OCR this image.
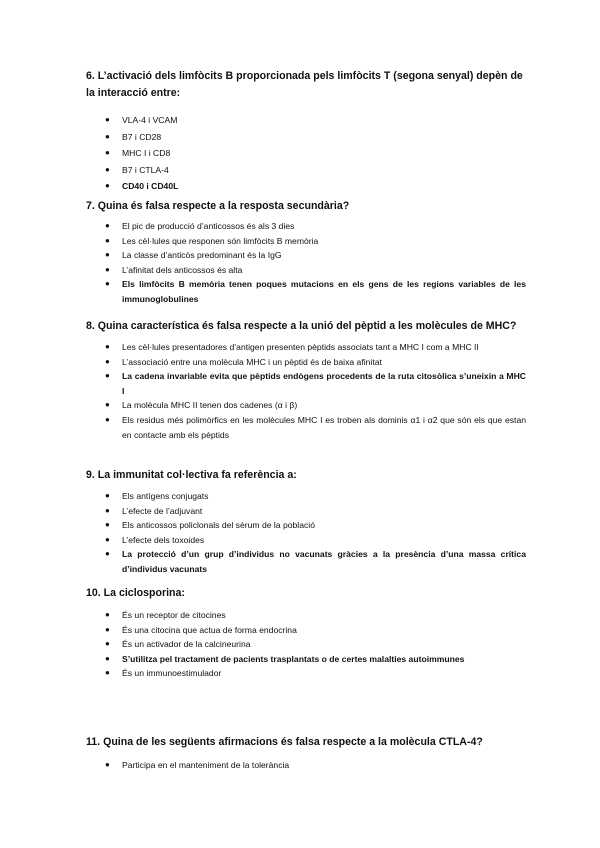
6. L’activació dels limfòcits B proporcionada pels limfòcits T (segona senyal) depèn de la interacció entre:

● VLA-4 i VCAM
● B7 i CD28
● MHC I i CD8
● B7 i CTLA-4
● CD40 i CD40L

7. Quina és falsa respecte a la resposta secundària?

● El pic de producció d’anticossos és als 3 dies
● Les cèl·lules que responen són limfòcits B memòria
● La classe d’anticòs predominant és la IgG
● L’afinitat dels anticossos és alta
● Els limfòcits B memòria tenen poques mutacions en els gens de les regions variables de les immunoglobulines

8. Quina característica és falsa respecte a la unió del pèptid a les molècules de MHC?

● Les cèl·lules presentadores d’antigen presenten pèptids associats tant a MHC I com a MHC II
● L’associació entre una molècula MHC i un pèptid és de baixa afinitat
● La cadena invariable evita que pèptids endògens procedents de la ruta citosòlica s’uneixin a MHC I
● La molècula MHC II tenen dos cadenes (α i β)
● Els residus més polimòrfics en les molècules MHC I es troben als dominis α1 i α2 que són els que estan en contacte amb els pèptids

9. La immunitat col·lectiva fa referència a:

● Els antígens conjugats
● L’efecte de l’adjuvant
● Els anticossos policlonals del sèrum de la població
● L’efecte dels toxoides
● La protecció d’un grup d’individus no vacunats gràcies a la presència d’una massa crítica d’individus vacunats

10. La ciclosporina:

● És un receptor de citocines
● És una citocina que actua de forma endocrina
● És un activador de la calcineurina
● S’utilitza pel tractament de pacients trasplantats o de certes malalties autoimmunes
● És un immunoestimulador

11. Quina de les següents afirmacions és falsa respecte a la molècula CTLA-4?

● Participa en el manteniment de la tolerància
